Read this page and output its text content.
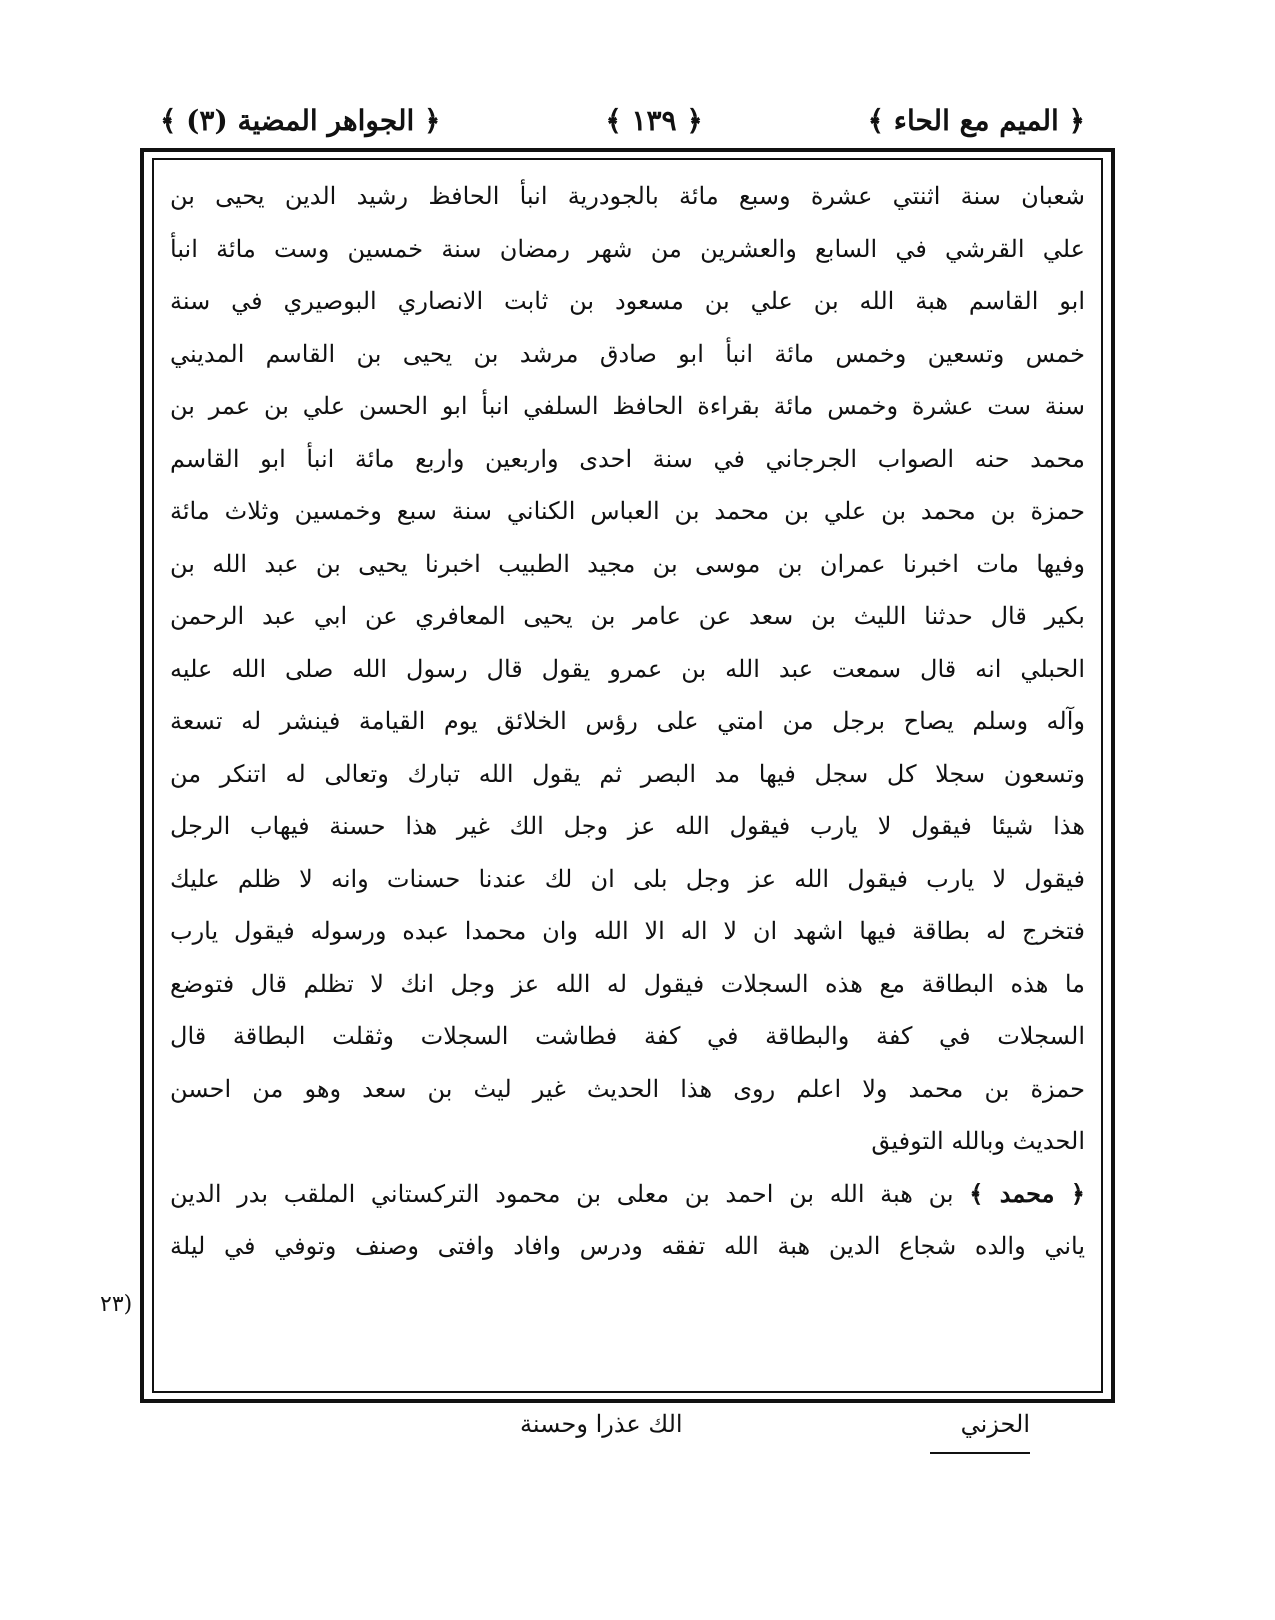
﴿ الميم مع الحاء ﴾
﴿ ١٣٩ ﴾
﴿ الجواهر المضية (٣) ﴾
شعبان سنة اثنتي عشرة وسبع مائة بالجودرية انبأ الحافظ رشيد الدين يحيى بن
علي القرشي في السابع والعشرين من شهر رمضان سنة خمسين وست مائة انبأ
ابو القاسم هبة الله بن علي بن مسعود بن ثابت الانصاري البوصيري في سنة
خمس وتسعين وخمس مائة انبأ ابو صادق مرشد بن يحيى بن القاسم المديني
سنة ست عشرة وخمس مائة بقراءة الحافظ السلفي انبأ ابو الحسن علي بن عمر بن
محمد حنه الصواب الجرجاني في سنة احدى واربعين واربع مائة انبأ ابو القاسم
حمزة بن محمد بن علي بن محمد بن العباس الكناني سنة سبع وخمسين وثلاث مائة
وفيها مات اخبرنا عمران بن موسى بن مجيد الطبيب اخبرنا يحيى بن عبد الله بن
بكير قال حدثنا الليث بن سعد عن عامر بن يحيى المعافري عن ابي عبد الرحمن
الحبلي انه قال سمعت عبد الله بن عمرو يقول قال رسول الله صلى الله عليه
وآله وسلم يصاح برجل من امتي على رؤس الخلائق يوم القيامة فينشر له تسعة
وتسعون سجلا كل سجل فيها مد البصر ثم يقول الله تبارك وتعالى له اتنكر من
هذا شيئا فيقول لا يارب فيقول الله عز وجل الك غير هذا حسنة فيهاب الرجل
فيقول لا يارب فيقول الله عز وجل بلى ان لك عندنا حسنات وانه لا ظلم عليك
فتخرج له بطاقة فيها اشهد ان لا اله الا الله وان محمدا عبده ورسوله فيقول يارب
ما هذه البطاقة مع هذه السجلات فيقول له الله عز وجل انك لا تظلم قال فتوضع
السجلات في كفة والبطاقة في كفة فطاشت السجلات وثقلت البطاقة قال
حمزة بن محمد ولا اعلم روى هذا الحديث غير ليث بن سعد وهو من احسن
الحديث وبالله التوفيق
﴿ محمد ﴾ بن هبة الله بن احمد بن معلى بن محمود التركستاني الملقب بدر الدين
ياني والده شجاع الدين هبة الله تفقه ودرس وافاد وافتى وصنف وتوفي في ليلة
(٢٣
الحزني
الك عذرا وحسنة
